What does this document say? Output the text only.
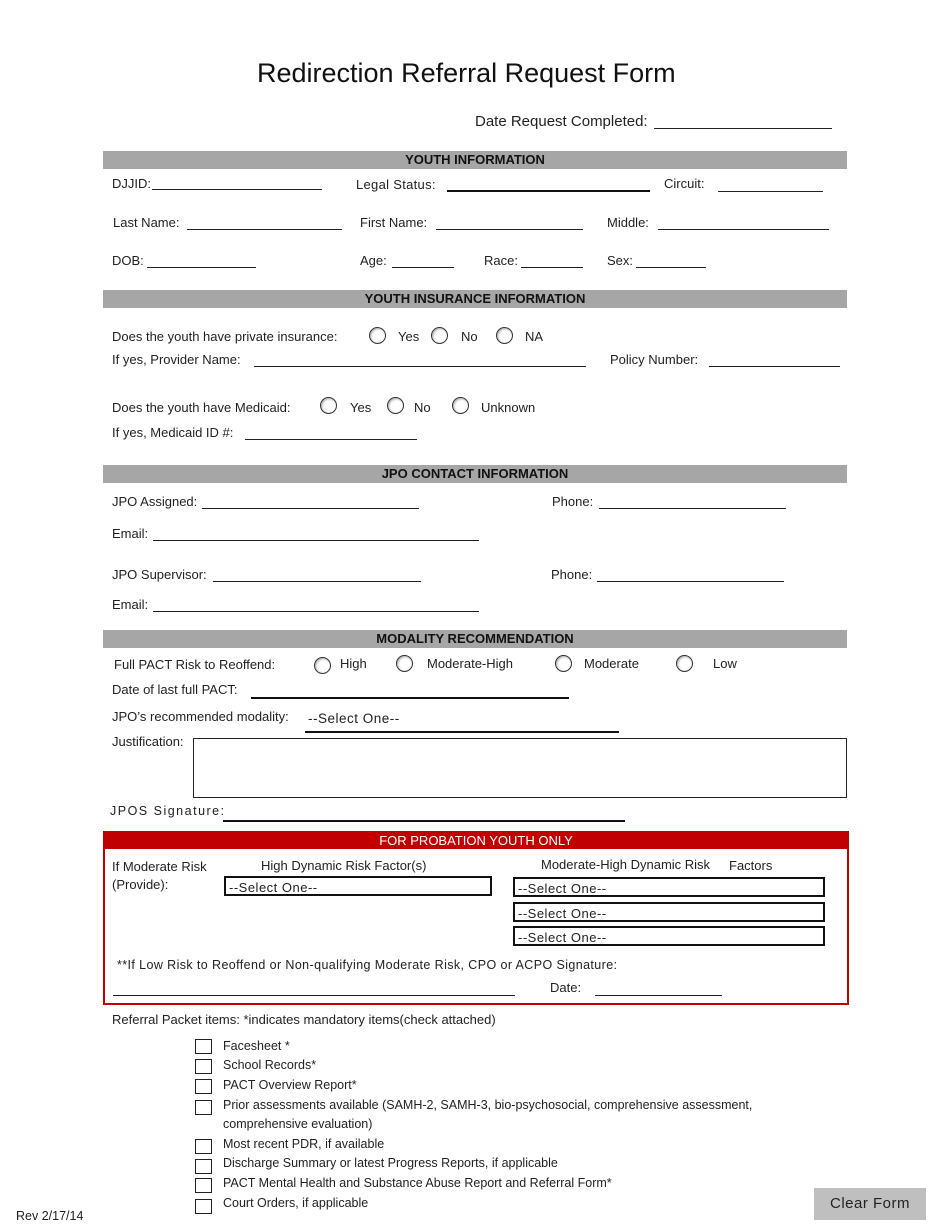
Redirection Referral Request Form
Date Request Completed:
YOUTH INFORMATION
DJJID:	Legal Status:	Circuit:
Last Name:	First Name:	Middle:
DOB:	Age:	Race:	Sex:
YOUTH INSURANCE INFORMATION
Does the youth have private insurance:	Yes	No	NA
If yes, Provider Name:	Policy Number:
Does the youth have Medicaid:	Yes	No	Unknown
If yes, Medicaid ID #:
JPO CONTACT INFORMATION
JPO Assigned:	Phone:
Email:
JPO Supervisor:	Phone:
Email:
MODALITY RECOMMENDATION
Full PACT Risk to Reoffend:	High	Moderate-High	Moderate	Low
Date of last full PACT:
JPO’s recommended modality: --Select One--
Justification:
JPOS Signature:
FOR PROBATION YOUTH ONLY
If Moderate Risk
(Provide):
High Dynamic Risk Factor(s)	Moderate-High Dynamic Risk Factors
--Select One--	--Select One--
--Select One--
--Select One--
**If Low Risk to Reoffend or Non-qualifying Moderate Risk, CPO or ACPO Signature:
Date:
Referral Packet items: *indicates mandatory items(check attached)
Facesheet *
School Records*
PACT Overview Report*
Prior assessments available (SAMH-2, SAMH-3, bio-psychosocial, comprehensive assessment,
comprehensive evaluation)
Most recent PDR, if available
Discharge Summary or latest Progress Reports, if applicable
PACT Mental Health and Substance Abuse Report and Referral Form*
Court Orders, if applicable
Rev 2/17/14
Clear Form
